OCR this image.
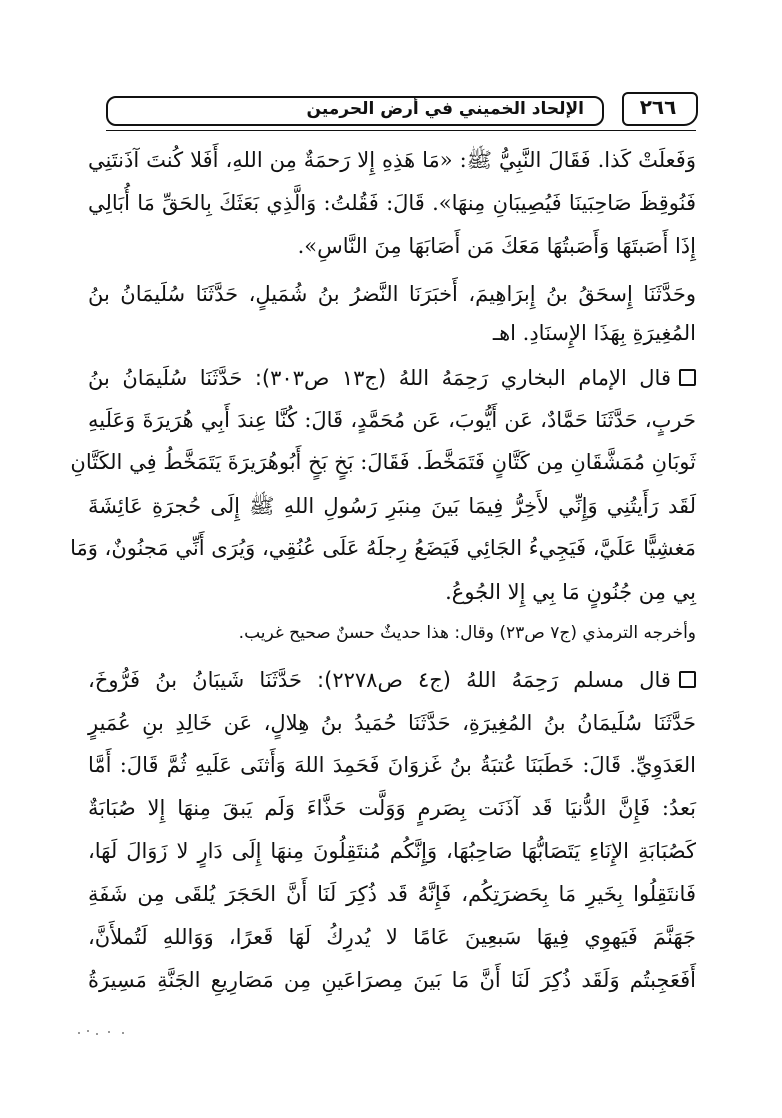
الإلحاد الخميني في أرض الحرمين	٢٦٦
وَفَعلَتْ كَذا. فَقَالَ النَّبِيُّ ﷺ: «مَا هَذِهِ إِلا رَحمَةٌ مِن اللهِ، أَفَلا كُنتَ آذَنتَنِي
فَنُوقِظَ صَاحِبَينَا فَيُصِيبَانِ مِنهَا». قَالَ: فَقُلتُ: وَالَّذِي بَعَثَكَ بِالحَقِّ مَا أُبَالِي
إِذَا أَصَبتَهَا وَأَصَبتُهَا مَعَكَ مَن أَصَابَهَا مِنَ النَّاسِ».
وحَدَّثَنَا إِسحَقُ بنُ إِبرَاهِيمَ، أَخبَرَنَا النَّضرُ بنُ شُمَيلٍ، حَدَّثَنَا سُلَيمَانُ بنُ
المُغِيرَةِ بِهَذَا الإِسنَادِ. اهـ
قال الإمام البخاري رَحِمَهُ اللهُ (ج١٣ ص٣٠٣): حَدَّثَنَا سُلَيمَانُ بنُ
حَربٍ، حَدَّثَنَا حَمَّادٌ، عَن أَيُّوبَ، عَن مُحَمَّدٍ، قَالَ: كُنَّا عِندَ أَبِي هُرَيرَةَ وَعَلَيهِ
ثَوبَانِ مُمَشَّقَانِ مِن كَتَّانٍ فَتَمَخَّطَ. فَقَالَ: بَخٍ بَخٍ أَبُوهُرَيرَةَ يَتَمَخَّطُ فِي الكَتَّانِ
لَقَد رَأَيتُنِي وَإِنِّي لأَخِرُّ فِيمَا بَينَ مِنبَرِ رَسُولِ اللهِ ﷺ إِلَى حُجرَةِ عَائِشَةَ
مَغشِيًّا عَلَيَّ، فَيَجِيءُ الجَائِي فَيَضَعُ رِجلَهُ عَلَى عُنُقِي، وَيُرَى أَنِّي مَجنُونٌ، وَمَا
بِي مِن جُنُونٍ مَا بِي إِلا الجُوعُ.
وأخرجه الترمذي (ج٧ ص٢٣) وقال: هذا حديثٌ حسنٌ صحيح غريب.
قال مسلم رَحِمَهُ اللهُ (ج٤ ص٢٢٧٨): حَدَّثَنَا شَيبَانُ بنُ فَرُّوخَ،
حَدَّثَنَا سُلَيمَانُ بنُ المُغِيرَةِ، حَدَّثَنَا حُمَيدُ بنُ هِلالٍ، عَن خَالِدِ بنِ عُمَيرٍ
العَدَوِيِّ. قَالَ: خَطَبَنَا عُتبَةُ بنُ غَزوَانَ فَحَمِدَ اللهَ وَأَثنَى عَلَيهِ ثُمَّ قَالَ: أَمَّا
بَعدُ: فَإِنَّ الدُّنيَا قَد آذَنَت بِصَرمٍ وَوَلَّت حَذَّاءَ وَلَم يَبقَ مِنهَا إِلا صُبَابَةٌ
كَصُبَابَةِ الإِنَاءِ يَتَصَابُّهَا صَاحِبُهَا، وَإِنَّكُم مُنتَقِلُونَ مِنهَا إِلَى دَارٍ لا زَوَالَ لَهَا،
فَانتَقِلُوا بِخَيرِ مَا بِحَضرَتِكُم، فَإِنَّهُ قَد ذُكِرَ لَنَا أَنَّ الحَجَرَ يُلقَى مِن شَفَةِ
جَهَنَّمَ فَيَهوِي فِيهَا سَبعِينَ عَامًا لا يُدرِكُ لَهَا قَعرًا، وَوَاللهِ لَتُملأَنَّ،
أَفَعَجِبتُم وَلَقَد ذُكِرَ لَنَا أَنَّ مَا بَينَ مِصرَاعَينِ مِن مَصَارِيعِ الجَنَّةِ مَسِيرَةُ
